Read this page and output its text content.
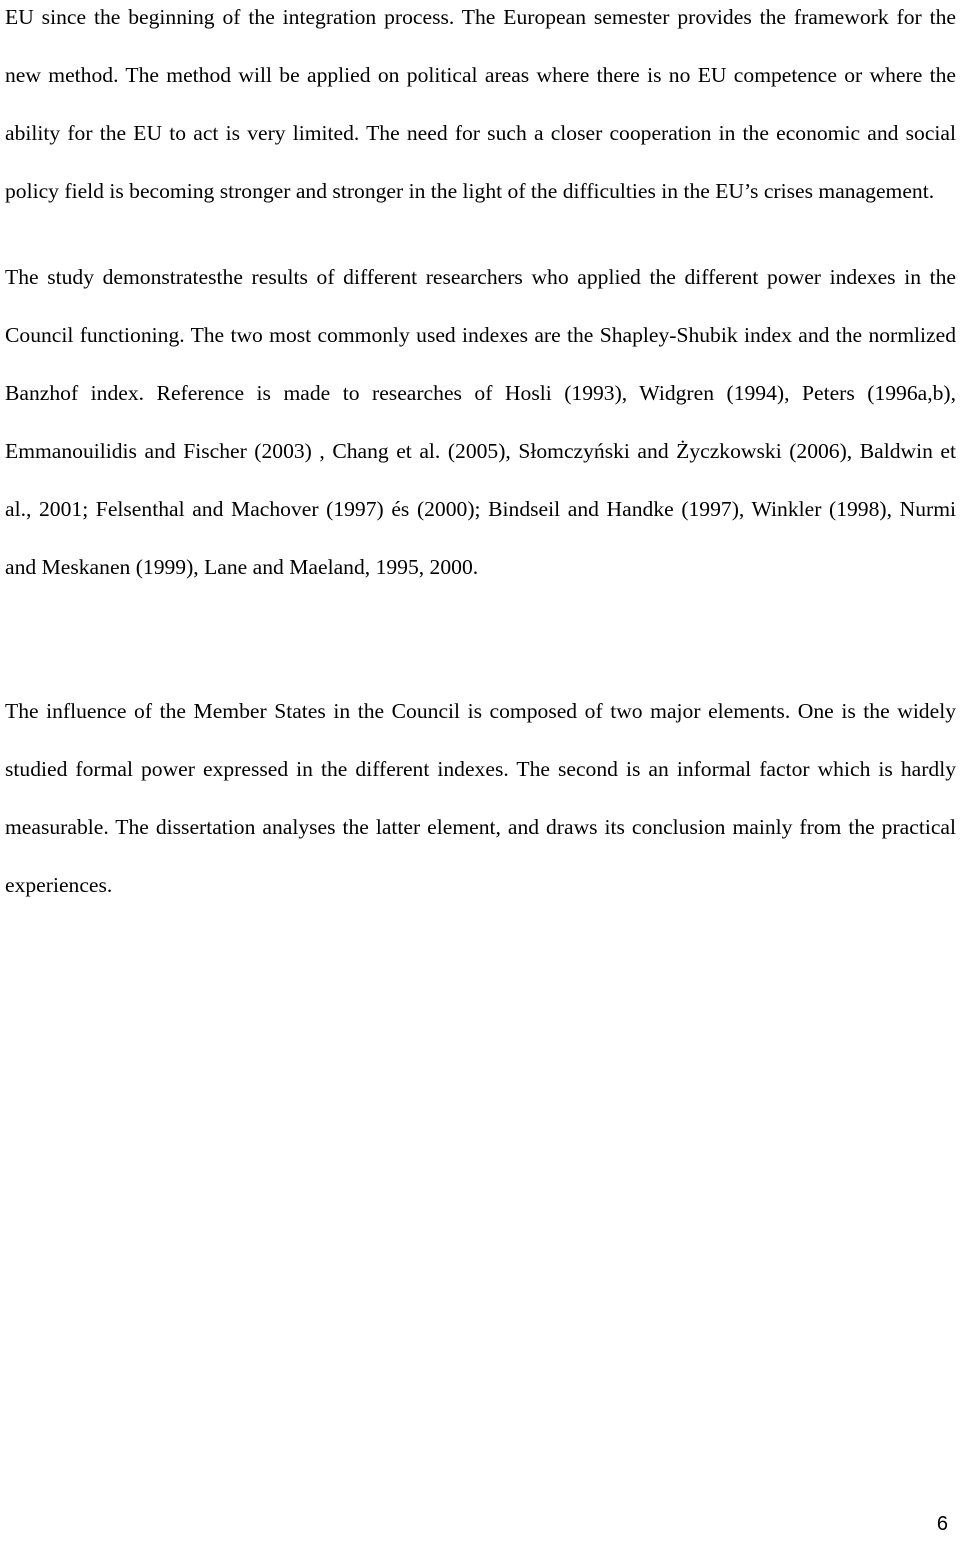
EU since the beginning of the integration process. The European semester provides the framework for the new method. The method will be applied on political areas where there is no EU competence or where the ability for the EU to act is very limited. The need for such a closer cooperation in the economic and social policy field is becoming stronger and stronger in the light of the difficulties in the EU’s crises management.

The study demonstratesthe results of different researchers who applied the different power indexes in the Council functioning. The two most commonly used indexes are the Shapley-Shubik index and the normlized Banzhof index. Reference is made to researches of Hosli (1993), Widgren (1994), Peters (1996a,b), Emmanouilidis and Fischer (2003) , Chang et al. (2005), Słomczyński and Życzkowski (2006), Baldwin et al., 2001; Felsenthal and Machover (1997) és (2000); Bindseil and Handke (1997), Winkler (1998), Nurmi and Meskanen (1999), Lane and Maeland, 1995, 2000.

The influence of the Member States in the Council is composed of two major elements. One is the widely studied formal power expressed in the different indexes. The second is an informal factor which is hardly measurable. The dissertation analyses the latter element, and draws its conclusion mainly from the practical experiences.

6
